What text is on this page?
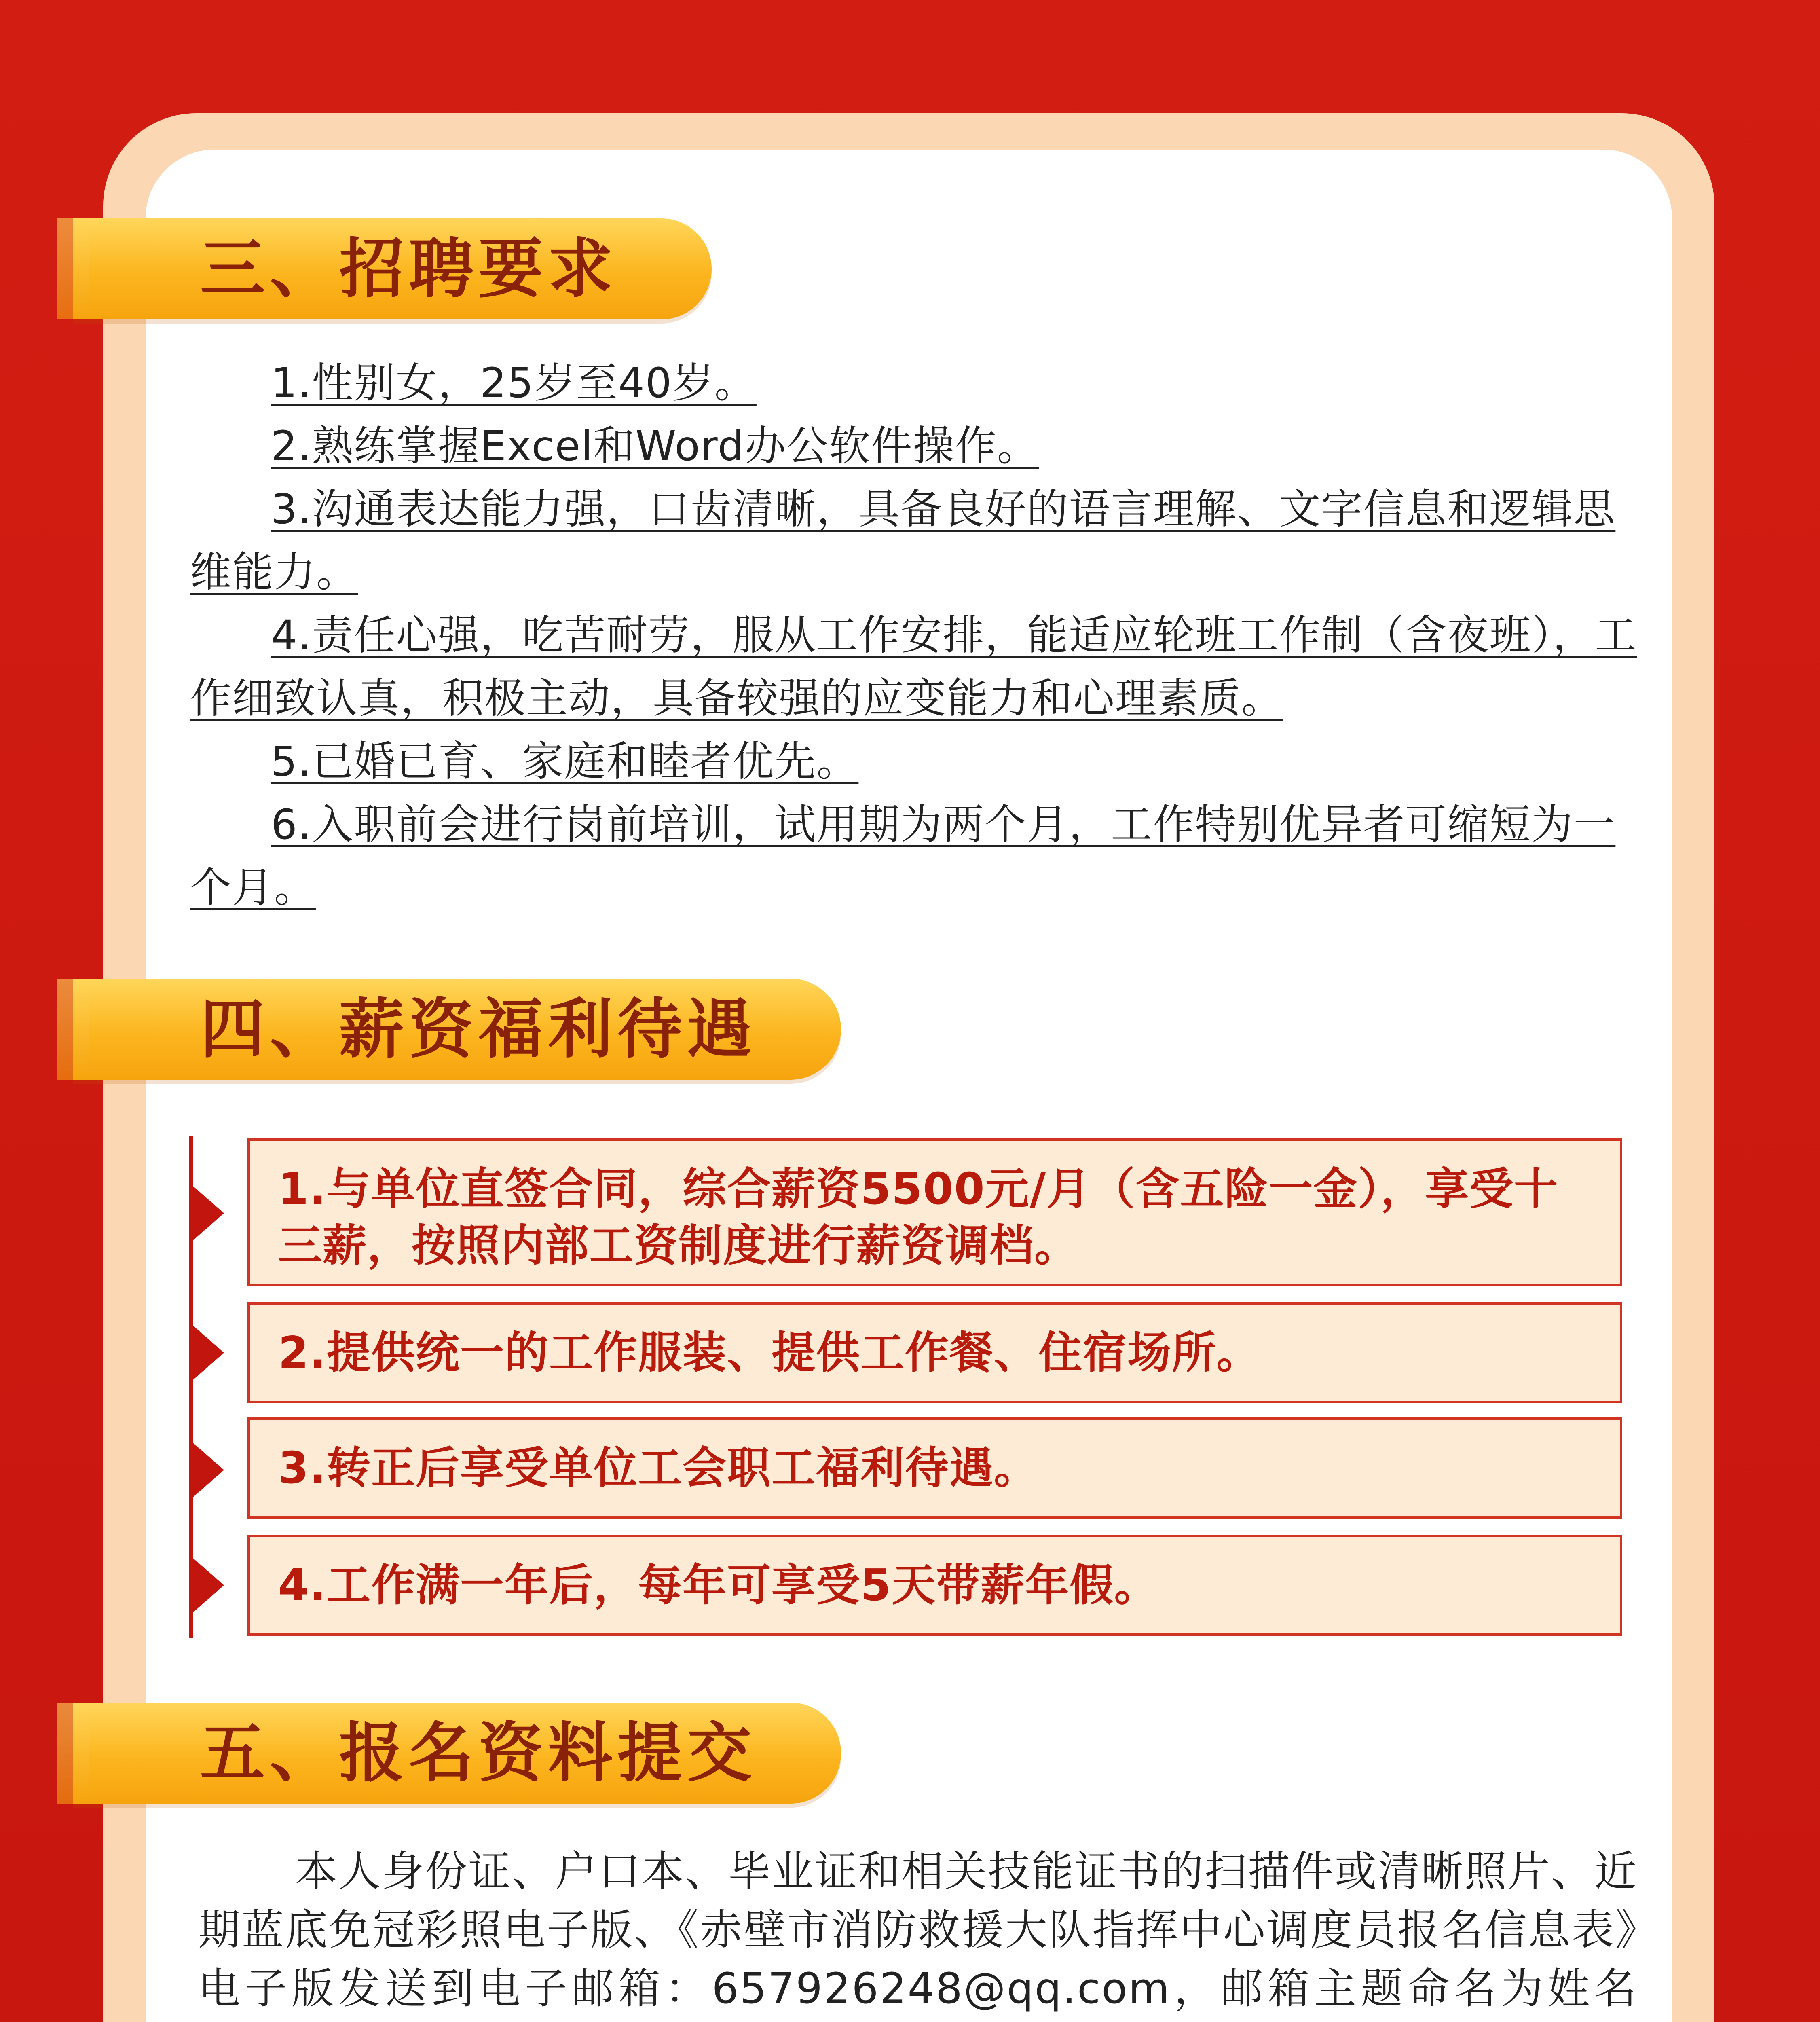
三、招聘要求

1.性别女，25岁至40岁。

2.熟练掌握Excel和Word办公软件操作。

3.沟通表达能力强，口齿清晰，具备良好的语言理解、文字信息和逻辑思维能力。

4.责任心强，吃苦耐劳，服从工作安排，能适应轮班工作制（含夜班），工作细致认真，积极主动，具备较强的应变能力和心理素质。

5.已婚已育、家庭和睦者优先。

6.入职前会进行岗前培训，试用期为两个月，工作特别优异者可缩短为一个月。

四、薪资福利待遇
1.与单位直签合同，综合薪资5500元/月（含五险一金），享受十三薪，按照内部工资制度进行薪资调档。
2.提供统一的工作服装、提供工作餐、住宿场所。
3.转正后享受单位工会职工福利待遇。
4.工作满一年后，每年可享受5天带薪年假。
五、报名资料提交

本人身份证、户口本、毕业证和相关技能证书的扫描件或清晰照片、近期蓝底免冠彩照电子版、《赤壁市消防救援大队指挥中心调度员报名信息表》电子版发送到电子邮箱：657926248@qq.com，邮箱主题命名为姓名
